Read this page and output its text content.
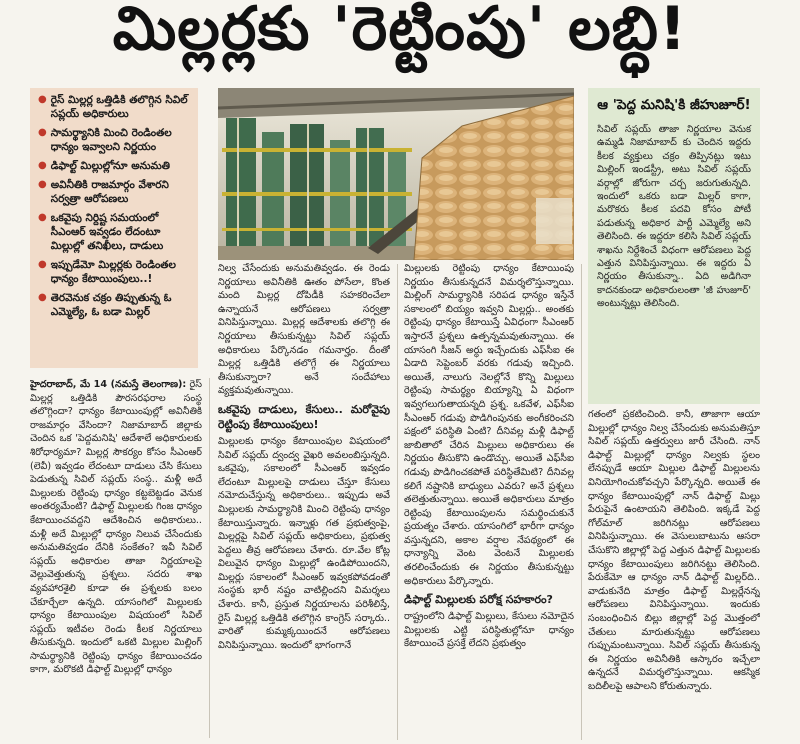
మిల్లర్లకు 'రెట్టింపు' లబ్ధి!
● రైస్ మిల్లర్ల ఒత్తిడికి తలొగ్గిన సివిల్ సప్లయ్ అధికారులు
● సామర్థ్యానికి మించి రెండింతల ధాన్యం ఇవ్వాలని నిర్ణయం
● డిఫాల్ట్ మిల్లుల్లోనూ అనుమతి
● అవినీతికి రాజమార్గం వేశారని సర్వత్రా ఆరోపణలు
● ఒకవైపు నిర్దిష్ట సమయంలో సీఎంఆర్ ఇవ్వడం లేదంటూ మిల్లుల్లో తనిఖీలు, దాడులు
● ఇప్పుడేమో మిల్లర్లకు రెండింతల ధాన్యం కేటాయింపులు..!
● తెరవెనుక చక్రం తిప్పుతున్న ఓ ఎమ్మెల్యే, ఓ బడా మిల్లర్
ఆ 'పెద్ద మనిషి'కి జీహుజూర్!
సివిల్ సప్లయ్ తాజా నిర్ణయాల వెనుక ఉమ్మడి నిజామాబాద్ కు చెందిన ఇద్దరు కీలక వ్యక్తులు చక్రం తిప్పినట్లు ఇటు మిల్లింగ్ ఇండస్ట్రీ, అటు సివిల్ సప్లయ్ వర్గాల్లో జోరుగా చర్చ జరుగుతున్నది. ఇందులో ఒకరు బడా మిల్లర్ కాగా, మరొకరు కీలక పదవి కోసం పోటీ పడుతున్న అధికార పార్టీ ఎమ్మెల్యే అని తెలిసింది. ఈ ఇద్దరూ కలిసి సివిల్ సప్లయ్ శాఖను నిర్దేశించే విధంగా ఆరోపణలు పెద్ద ఎత్తున వినిపిస్తున్నాయి. ఈ ఇద్దరు ఏ నిర్ణయం తీసుకున్నా.. ఏది అడిగినా కాదనకుండా అధికారులంతా 'జీ హుజూర్' అంటున్నట్లు తెలిసింది.
హైదరాబాద్, మే 14 (నమస్తే తెలంగాణ): రైస్ మిల్లర్ల ఒత్తిడికి పౌరసరఫరాల సంస్థ తలొగ్గిందా? ధాన్యం కేటాయింపుల్లో అవినీతికి రాజమార్గం వేసిందా? నిజామాబాద్ జిల్లాకు చెందిన ఒక 'పెద్దమనిషి' ఆదేశాలే అధికారులకు శిరోధార్యమా? మిల్లర్ల సౌకర్యం కోసం సీఎంఆర్ (లెవీ) ఇవ్వడం లేదంటూ దాడులు చేసి కేసులు పెడుతున్న సివిల్ సప్లయ్ సంస్థ.. మళ్లీ అదే మిల్లులకు రెట్టింపు ధాన్యం కట్టబెట్టడం వెనుక అంతర్యమేంటి? డిఫాల్ట్ మిల్లులకు గింజ ధాన్యం కేటాయించవద్దని ఆదేశించిన అధికారులు.. మళ్లీ అదే మిల్లుల్లో ధాన్యం నిలువ చేసేందుకు అనుమతివ్వడం దేనికి సంకేతం? ఇవీ సివిల్ సప్లయ్ అధికారుల తాజా నిర్ణయాలపై వెల్లువెత్తుతున్న ప్రశ్నలు. సదరు శాఖ వ్యవహారశైలి కూడా ఈ ప్రశ్నలకు బలం చేకూర్చేలా ఉన్నది. యాసంగిలో మిల్లులకు ధాన్యం కేటాయింపుల విషయంలో సివిల్ సప్లయ్ ఇటీవల రెండు కీలక నిర్ణయాలు తీసుకున్నది. ఇందులో ఒకటి మిల్లుల మిల్లింగ్ సామర్థ్యానికి రెట్టింపు ధాన్యం కేటాయించడం కాగా, మరొకటి డిఫాల్ట్ మిల్లుల్లో ధాన్యం
నిల్వ చేసేందుకు అనుమతివ్వడం. ఈ రెండు నిర్ణయాలు అవినీతికి ఊతం పోసేలా, కొంత మంది మిల్లర్ల దోపిడీకి సహకరించేలా ఉన్నాయనే ఆరోపణలు సర్వత్రా వినిపిస్తున్నాయి. మిల్లర్ల ఆదేశాలకు తలొగ్గి ఈ నిర్ణయాలు తీసుకున్నట్టు సివిల్ సప్లయ్ అధికారులు పేర్కొనడం గమనార్హం. దీంతో మిల్లర్ల ఒత్తిడికి తలొగ్గే ఈ నిర్ణయాలు తీసుకున్నారా? అనే సందేహాలు వ్యక్తమవుతున్నాయి.
ఒకవైపు దాడులు, కేసులు.. మరోవైపు రెట్టింపు కేటాయింపులు!
మిల్లులకు ధాన్యం కేటాయింపుల విషయంలో సివిల్ సప్లయ్ ద్వంద్వ వైఖరి అవలంబిస్తున్నది. ఒకవైపు, సకాలంలో సీఎంఆర్ ఇవ్వడం లేదంటూ మిల్లులపై దాడులు చేస్తూ కేసులు నమోదుచేస్తున్న అధికారులు.. ఇప్పుడు అవే మిల్లులకు సామర్థ్యానికి మించి రెట్టింపు ధాన్యం కేటాయిస్తున్నారు. ఇన్నాళ్లు గత ప్రభుత్వంపై, మిల్లర్లపై సివిల్ సప్లయ్ అధికారులు, ప్రభుత్వ పెద్దలు తీవ్ర ఆరోపణలు చేశారు. రూ.వేల కోట్ల విలువైన ధాన్యం మిల్లుల్లో ఉండిపోయిందని, మిల్లర్లు సకాలంలో సీఎంఆర్ ఇవ్వకపోవడంతో సంస్థకు భారీ నష్టం వాటిల్లిందని విమర్శలు చేశారు. కానీ, ప్రస్తుత నిర్ణయాలను పరిశీలిస్తే, రైస్ మిల్లర్ల ఒత్తిడికి తలొగ్గిన కాంగ్రెస్ సర్కారు.. వారితో కుమ్మక్కయిందనే ఆరోపణలు వినిపిస్తున్నాయి. ఇందులో భాగంగానే
మిల్లులకు రెట్టింపు ధాన్యం కేటాయింపు నిర్ణయం తీసుకున్నదనే విమర్శలొస్తున్నాయి. మిల్లింగ్ సామర్థ్యానికి సరిపడ ధాన్యం ఇస్తేనే సకాలంలో బియ్యం ఇవ్వని మిల్లర్లు.. అంతకు రెట్టింపు ధాన్యం కేటాయిస్తే ఏవిధంగా సీఎంఆర్ ఇస్తారనే ప్రశ్నలు ఉత్పన్నమవుతున్నాయి. ఈ యాసంగి సీజన్ అర్ధు ఇచ్చేందుకు ఎఫ్‌సీఐ ఈ ఏడాది సెప్టెంబర్ వరకు గడువు ఇచ్చింది. అయితే, నాలుగు నెలల్లోనే కొన్ని మిల్లులు రెట్టింపు సామర్థ్యం బియ్యాన్ని ఏ విధంగా ఇవ్వగలుగుతాయన్నది ప్రశ్న. ఒకవేళ, ఎఫ్‌సీఐ సీఎంఆర్ గడువు పొడిగింపునకు అంగీకరించని పక్షంలో పరిస్థితి ఏంటి? దీనివల్ల మళ్లీ డిఫాల్ట్ జాబితాలో చేరిన మిల్లులు అధికారులు ఈ నిర్ణయం తీసుకొని ఉండొచ్చు. అయితే ఎఫ్‌సీఐ గడువు పొడిగించకపోతే పరిస్థితేమిటి? దీనివల్ల కలిగే నష్టానికి బాధ్యులు ఎవరు? అనే ప్రశ్నలు తలెత్తుతున్నాయి. అయితే అధికారులు మాత్రం రెట్టింపు కేటాయింపులను సమర్థించుకునే ప్రయత్నం చేశారు. యాసంగిలో భారీగా ధాన్యం వస్తున్నదని, అకాల వర్షాల నేపథ్యంలో ఈ ధాన్యాన్ని వెంట వెంటనే మిల్లులకు తరలించేందుకు ఈ నిర్ణయం తీసుకున్నట్టు అధికారులు పేర్కొన్నారు.
డిఫాల్ట్ మిల్లులకు పరోక్ష సహకారం?
రాష్ట్రంలోని డిఫాల్ట్ మిల్లులు, కేసులు నమోదైన మిల్లులకు ఎట్టి పరిస్థితుల్లోనూ ధాన్యం కేటాయించే ప్రసక్తే లేదని ప్రభుత్వం
గతంలో ప్రకటించింది. కానీ, తాజాగా ఆయా మిల్లుల్లో ధాన్యం నిల్వ చేసేందుకు అనుమతిస్తూ సివిల్ సప్లయ్ ఉత్తర్వులు జారీ చేసింది. నాన్ డిఫాల్ట్ మిల్లుల్లో ధాన్యం నిల్వకు స్థలం లేనప్పుడే ఆయా మిల్లుల డిఫాల్ట్ మిల్లులను వినియోగించుకోవచ్చని పేర్కొన్నది. అయితే ఈ ధాన్యం కేటాయింపుల్లో నాన్ డిఫాల్ట్ మిల్లు పేరుపైనే ఉంటాయని తెలిపింది. ఇక్కడే పెద్ద గోల్‌మాల్ జరిగినట్లు ఆరోపణలు వినిపిస్తున్నాయి. ఈ వెసులుబాటును ఆసరా చేసుకొని జిల్లాల్లో పెద్ద ఎత్తున డిఫాల్ట్ మిల్లులకు ధాన్యం కేటాయింపులు జరిగినట్టు తెలిసింది. పేరుకేమో ఆ ధాన్యం నాన్ డిఫాల్ట్ మిల్లర్‌ది.. వాడుకునేది మాత్రం డిఫాల్ట్ మిల్లర్లేనన్న ఆరోపణలు వినిపిస్తున్నాయి. ఇందుకు సంబంధించిన బిల్లు జిల్లాల్లో పెద్ద మొత్తంలో చేతులు మారుతున్నట్టు ఆరోపణలు గుప్పుమంటున్నాయి. సివిల్ సప్లయ్ తీసుకున్న ఈ నిర్ణయం అవినీతికి ఆస్కారం ఇచ్చేలా ఉన్నదనే విమర్శలొస్తున్నాయి. ఆకస్మిక బదిలీలపై ఆపాలని కోరుతున్నారు.
